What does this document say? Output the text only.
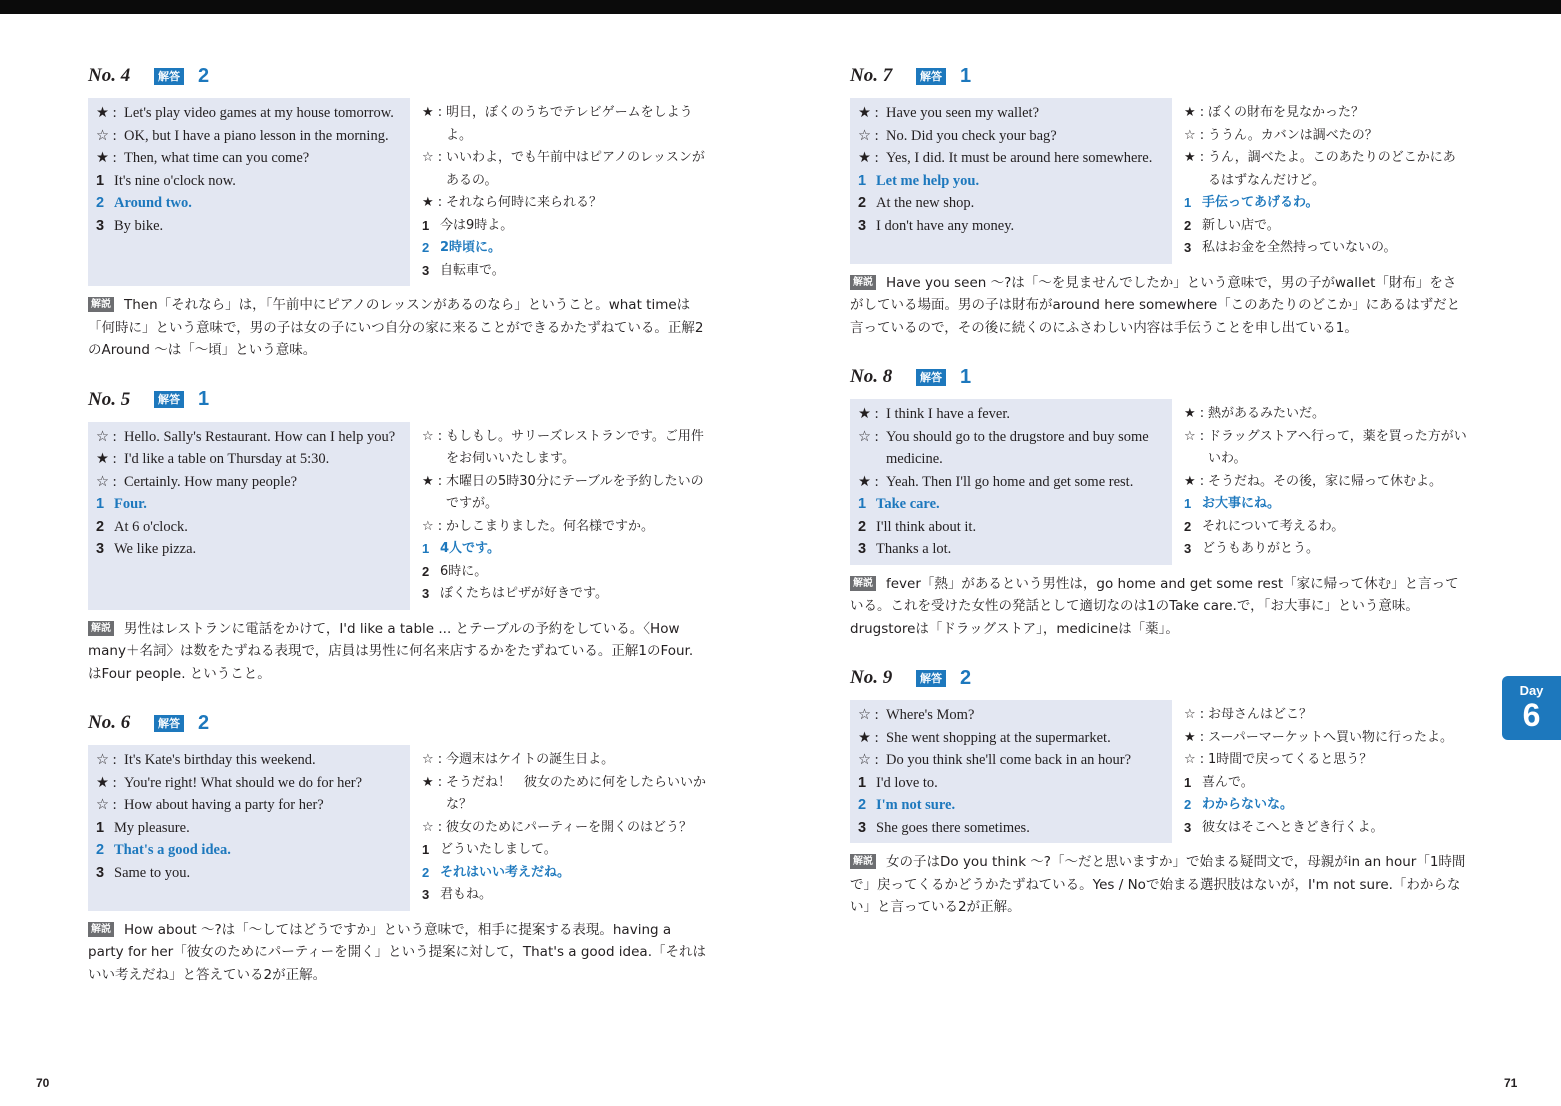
No. 4	解答 2
★ : Let's play video games at my house tomorrow.
☆ : OK, but I have a piano lesson in the morning.
★ : Then, what time can you come?
1 It's nine o'clock now.
2 Around two.
3 By bike.
★ : 明日，ぼくのうちでテレビゲームをしようよ。
☆ : いいわよ，でも午前中はピアノのレッスンがあるの。
★ : それなら何時に来られる？
1 今は9時よ。
2 2時頃に。
3 自転車で。
解説 Then「それなら」は，「午前中にピアノのレッスンがあるのなら」ということ。what timeは「何時に」という意味で，男の子は女の子にいつ自分の家に来ることができるかたずねている。正解2のAround ～は「～頃」という意味。
No. 5	解答 1
☆ : Hello. Sally's Restaurant. How can I help you?
★ : I'd like a table on Thursday at 5:30.
☆ : Certainly. How many people?
1 Four.
2 At 6 o'clock.
3 We like pizza.
☆ : もしもし。サリーズレストランです。ご用件をお伺いいたします。
★ : 木曜日の5時30分にテーブルを予約したいのですが。
☆ : かしこまりました。何名様ですか。
1 4人です。
2 6時に。
3 ぼくたちはピザが好きです。
解説 男性はレストランに電話をかけて，I'd like a table ... とテーブルの予約をしている。〈How many＋名詞〉は数をたずねる表現で，店員は男性に何名来店するかをたずねている。正解1のFour. はFour people. ということ。
No. 6	解答 2
☆ : It's Kate's birthday this weekend.
★ : You're right! What should we do for her?
☆ : How about having a party for her?
1 My pleasure.
2 That's a good idea.
3 Same to you.
☆ : 今週末はケイトの誕生日よ。
★ : そうだね！　彼女のために何をしたらいいかな？
☆ : 彼女のためにパーティーを開くのはどう？
1 どういたしまして。
2 それはいい考えだね。
3 君もね。
解説 How about ～?は「～してはどうですか」という意味で，相手に提案する表現。having a party for her「彼女のためにパーティーを開く」という提案に対して，That's a good idea.「それはいい考えだね」と答えている2が正解。
No. 7	解答 1
★ : Have you seen my wallet?
☆ : No. Did you check your bag?
★ : Yes, I did. It must be around here somewhere.
1 Let me help you.
2 At the new shop.
3 I don't have any money.
★ : ぼくの財布を見なかった？
☆ : ううん。カバンは調べたの？
★ : うん，調べたよ。このあたりのどこかにあるはずなんだけど。
1 手伝ってあげるわ。
2 新しい店で。
3 私はお金を全然持っていないの。
解説 Have you seen ～?は「～を見ませんでしたか」という意味で，男の子がwallet「財布」をさがしている場面。男の子は財布がaround here somewhere「このあたりのどこか」にあるはずだと言っているので，その後に続くのにふさわしい内容は手伝うことを申し出ている1。
No. 8	解答 1
★ : I think I have a fever.
☆ : You should go to the drugstore and buy some medicine.
★ : Yeah. Then I'll go home and get some rest.
1 Take care.
2 I'll think about it.
3 Thanks a lot.
★ : 熱があるみたいだ。
☆ : ドラッグストアへ行って，薬を買った方がいいわ。
★ : そうだね。その後，家に帰って休むよ。
1 お大事にね。
2 それについて考えるわ。
3 どうもありがとう。
解説 fever「熱」があるという男性は，go home and get some rest「家に帰って休む」と言っている。これを受けた女性の発話として適切なのは1のTake care.で，「お大事に」という意味。drugstoreは「ドラッグストア」，medicineは「薬」。
No. 9	解答 2
☆ : Where's Mom?
★ : She went shopping at the supermarket.
☆ : Do you think she'll come back in an hour?
1 I'd love to.
2 I'm not sure.
3 She goes there sometimes.
☆ : お母さんはどこ？
★ : スーパーマーケットへ買い物に行ったよ。
☆ : 1時間で戻ってくると思う？
1 喜んで。
2 わからないな。
3 彼女はそこへときどき行くよ。
解説 女の子はDo you think ～?「～だと思いますか」で始まる疑問文で，母親がin an hour「1時間で」戻ってくるかどうかたずねている。Yes / Noで始まる選択肢はないが，I'm not sure.「わからない」と言っている2が正解。
Day
6
70	71
